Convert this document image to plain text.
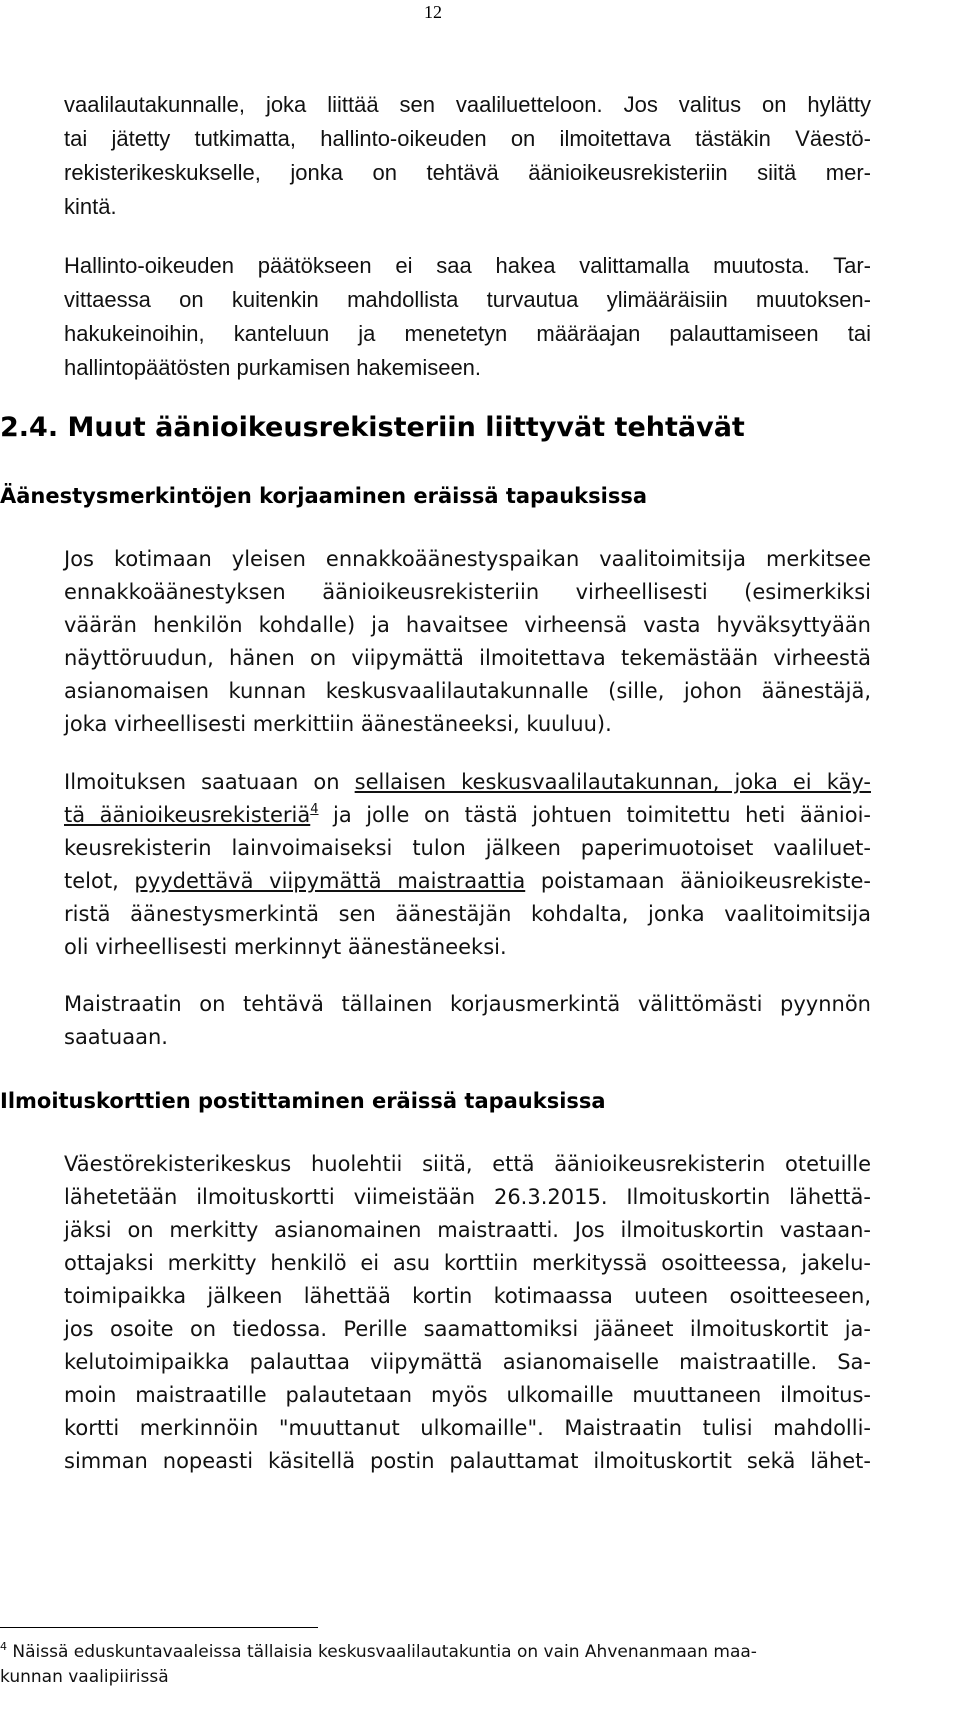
12
vaalilautakunnalle, joka liittää sen vaaliluetteloon. Jos valitus on hylätty
tai jätetty tutkimatta, hallinto-oikeuden on ilmoitettava tästäkin Väestö-
rekisterikeskukselle, jonka on tehtävä äänioikeusrekisteriin siitä mer-
kintä.
Hallinto-oikeuden päätökseen ei saa hakea valittamalla muutosta. Tar-
vittaessa on kuitenkin mahdollista turvautua ylimääräisiin muutoksen-
hakukeinoihin, kanteluun ja menetetyn määräajan palauttamiseen tai
hallintopäätösten purkamisen hakemiseen.
2.4. Muut äänioikeusrekisteriin liittyvät tehtävät
Äänestysmerkintöjen korjaaminen eräissä tapauksissa
Jos kotimaan yleisen ennakkoäänestyspaikan vaalitoimitsija merkitsee
ennakkoäänestyksen äänioikeusrekisteriin virheellisesti (esimerkiksi
väärän henkilön kohdalle) ja havaitsee virheensä vasta hyväksyttyään
näyttöruudun, hänen on viipymättä ilmoitettava tekemästään virheestä
asianomaisen kunnan keskusvaalilautakunnalle (sille, johon äänestäjä,
joka virheellisesti merkittiin äänestäneeksi, kuuluu).
Ilmoituksen saatuaan on sellaisen keskusvaalilautakunnan, joka ei käy-
tä äänioikeusrekisteriä$^4$ ja jolle on tästä johtuen toimitettu heti äänioi-
keusrekisterin lainvoimaiseksi tulon jälkeen paperimuotoiset vaaliluet-
telot, pyydettävä viipymättä maistraattia poistamaan äänioikeusrekiste-
ristä äänestysmerkintä sen äänestäjän kohdalta, jonka vaalitoimitsija
oli virheellisesti merkinnyt äänestäneeksi.
Maistraatin on tehtävä tällainen korjausmerkintä välittömästi pyynnön
saatuaan.
Ilmoituskorttien postittaminen eräissä tapauksissa
Väestörekisterikeskus huolehtii siitä, että äänioikeusrekisterin otetuille
lähetetään ilmoituskortti viimeistään 26.3.2015. Ilmoituskortin lähettä-
jäksi on merkitty asianomainen maistraatti. Jos ilmoituskortin vastaan-
ottajaksi merkitty henkilö ei asu korttiin merkityssä osoitteessa, jakelu-
toimipaikka jälkeen lähettää kortin kotimaassa uuteen osoitteeseen,
jos osoite on tiedossa. Perille saamattomiksi jääneet ilmoituskortit ja-
kelutoimipaikka palauttaa viipymättä asianomaiselle maistraatille. Sa-
moin maistraatille palautetaan myös ulkomaille muuttaneen ilmoitus-
kortti merkinnöin "muuttanut ulkomaille". Maistraatin tulisi mahdolli-
simman nopeasti käsitellä postin palauttamat ilmoituskortit sekä lähet-
$^4$ Näissä eduskuntavaaleissa tällaisia keskusvaalilautakuntia on vain Ahvenanmaan maa-
kunnan vaalipiirissä
